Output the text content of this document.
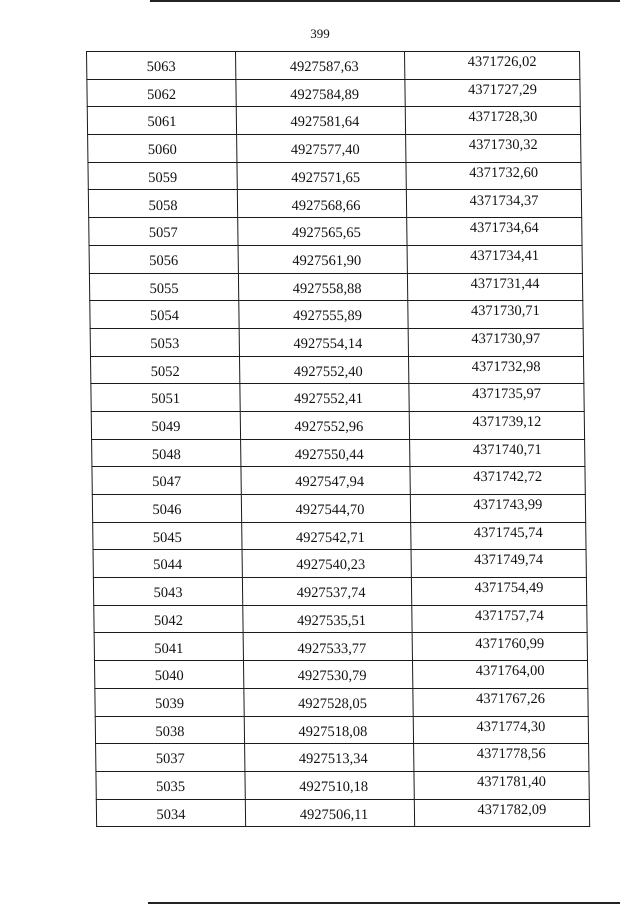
399
5063	4927587,63	4371726,02
5062	4927584,89	4371727,29
5061	4927581,64	4371728,30
5060	4927577,40	4371730,32
5059	4927571,65	4371732,60
5058	4927568,66	4371734,37
5057	4927565,65	4371734,64
5056	4927561,90	4371734,41
5055	4927558,88	4371731,44
5054	4927555,89	4371730,71
5053	4927554,14	4371730,97
5052	4927552,40	4371732,98
5051	4927552,41	4371735,97
5049	4927552,96	4371739,12
5048	4927550,44	4371740,71
5047	4927547,94	4371742,72
5046	4927544,70	4371743,99
5045	4927542,71	4371745,74
5044	4927540,23	4371749,74
5043	4927537,74	4371754,49
5042	4927535,51	4371757,74
5041	4927533,77	4371760,99
5040	4927530,79	4371764,00
5039	4927528,05	4371767,26
5038	4927518,08	4371774,30
5037	4927513,34	4371778,56
5035	4927510,18	4371781,40
5034	4927506,11	4371782,09
